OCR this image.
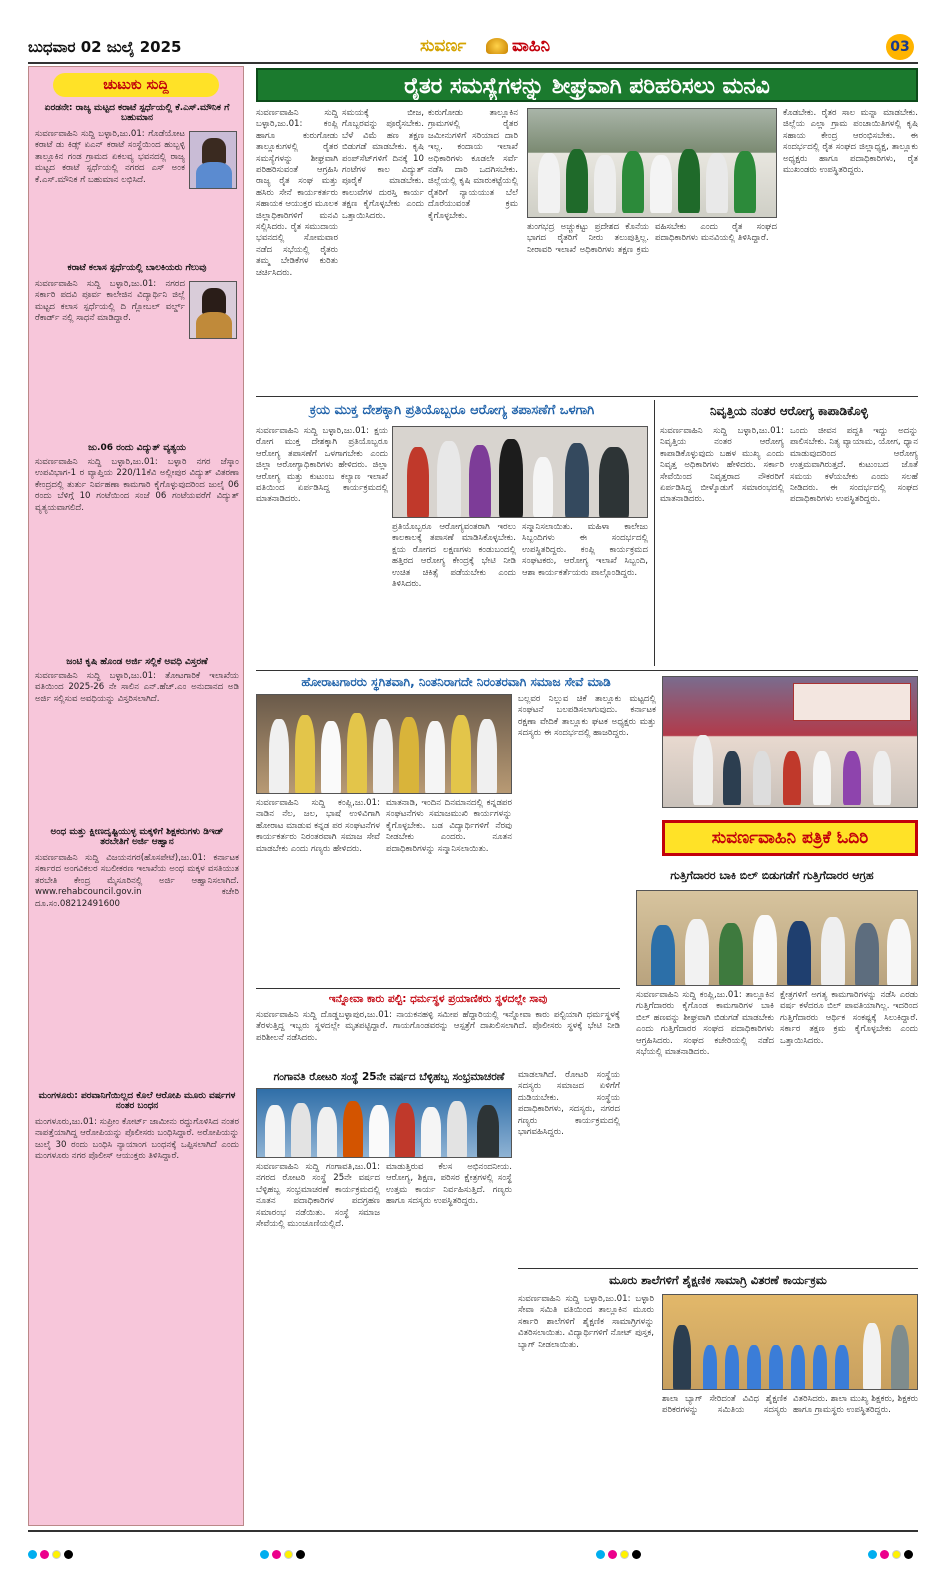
ಬುಧವಾರ 02 ಜುಲೈ 2025	ಸುವರ್ಣ	ವಾಹಿನಿ	03
ಚುಟುಕು ಸುದ್ದಿ
ಏರಡನೇ: ರಾಜ್ಯ ಮಟ್ಟದ ಕರಾಟೆ ಸ್ಪರ್ಧೆಯಲ್ಲಿ ಕೆ.ಎಸ್.ಮೌನಿಕ ಗೆ ಬಹುಮಾನ
ಸುವರ್ಣವಾಹಿನಿ ಸುದ್ದಿ ಬಳ್ಳಾರಿ,ಜು.01: ಗೊಡೆಯೋಟ ಕರಾಟೆ ಡು ಕಿಡ್ಸ್ ಏಎನ್ ಕರಾಟೆ ಸಂಸ್ಥೆಯಿಂದ ಹುಬ್ಬಳ್ಳಿ ತಾಲ್ಲೂಕಿನ ಗಂಡ ಗ್ರಾಮದ ಏಕಲವ್ಯ ಭವನದಲ್ಲಿ ರಾಜ್ಯ ಮಟ್ಟದ ಕರಾಟೆ ಸ್ಪರ್ಧೆಯಲ್ಲಿ ನಗರದ ಎಸ್ ಅಂಕ ಕೆ.ಎಸ್.ಮೌನಿಕ ಗೆ ಬಹುಮಾನ ಲಭಿಸಿದೆ.
ಕರಾಟೆ ಕಲಾಸ ಸ್ಪರ್ಧೆಯಲ್ಲಿ ಬಾಲಕಿಯರು ಗೆಲುವು
ಸುವರ್ಣವಾಹಿನಿ ಸುದ್ದಿ ಬಳ್ಳಾರಿ,ಜು.01: ನಗರದ ಸರ್ಕಾರಿ ಪದವಿ ಪೂರ್ವ ಕಾಲೇಜಿನ ವಿದ್ಯಾರ್ಥಿನಿ ಜಿಲ್ಲೆ ಮಟ್ಟದ ಕಲಾಸ ಸ್ಪರ್ಧೆಯಲ್ಲಿ ದಿ ಗ್ಲೋಬಲ್ ವರ್ಲ್ಡ್ ರೆಕಾರ್ಡ್ ನಲ್ಲಿ ಸಾಧನೆ ಮಾಡಿದ್ದಾರೆ.
ಜು.06 ರಂದು ವಿದ್ಯುತ್ ವ್ಯತ್ಯಯ
ಸುವರ್ಣವಾಹಿನಿ ಸುದ್ದಿ ಬಳ್ಳಾರಿ,ಜು.01: ಬಳ್ಳಾರಿ ನಗರ ಜೆಸ್ಕಾಂ ಉಪವಿಭಾಗ-1 ರ ವ್ಯಾಪ್ತಿಯ 220/11ಕೆವಿ ಅಲ್ಲೀಪುರ ವಿದ್ಯುತ್ ವಿತರಣಾ ಕೇಂದ್ರದಲ್ಲಿ ತುರ್ತು ನಿರ್ವಹಣಾ ಕಾಮಗಾರಿ ಕೈಗೊಳ್ಳುವುದರಿಂದ ಜುಲೈ 06 ರಂದು ಬೆಳಿಗ್ಗೆ 10 ಗಂಟೆಯಿಂದ ಸಂಜೆ 06 ಗಂಟೆಯವರೆಗೆ ವಿದ್ಯುತ್ ವ್ಯತ್ಯಯವಾಗಲಿದೆ.
ಜಂಟಿ ಕೃಷಿ ಹೊಂಡ ಅರ್ಜಿ ಸಲ್ಲಿಕೆ ಅವಧಿ ವಿಸ್ತರಣೆ
ಸುವರ್ಣವಾಹಿನಿ ಸುದ್ದಿ ಬಳ್ಳಾರಿ,ಜು.01: ತೋಟಗಾರಿಕೆ ಇಲಾಖೆಯ ವತಿಯಿಂದ 2025-26 ನೇ ಸಾಲಿನ ಎನ್.ಹೆಚ್.ಎಂ ಅನುದಾನದ ಅಡಿ ಅರ್ಜಿ ಸಲ್ಲಿಸುವ ಅವಧಿಯನ್ನು ವಿಸ್ತರಿಸಲಾಗಿದೆ.
ಅಂಧ ಮತ್ತು ಕ್ಷೀಣದೃಷ್ಟಿಯುಳ್ಳ ಮಕ್ಕಳಿಗೆ ಶಿಕ್ಷಕರುಗಳು ಡಿಇಡ್ ತರಬೇತಿಗೆ ಅರ್ಜಿ ಆಹ್ವಾನ
ಸುವರ್ಣವಾಹಿನಿ ಸುದ್ದಿ ವಿಜಯನಗರ(ಹೊಸಪೇಟೆ),ಜು.01: ಕರ್ನಾಟಕ ಸರ್ಕಾರದ ಅಂಗವಿಕಲರ ಸಬಲೀಕರಣ ಇಲಾಖೆಯ ಅಂಧ ಮಕ್ಕಳ ವಸತಿಯುತ ತರಬೇತಿ ಕೇಂದ್ರ ಮೈಸೂರಿನಲ್ಲಿ ಅರ್ಜಿ ಆಹ್ವಾನಿಸಲಾಗಿದೆ. www.rehabcouncil.gov.in ಕಚೇರಿ ದೂ.ಸಂ.08212491600
ಮಂಗಳೂರು: ಪರವಾನಿಗೆಯಿಲ್ಲದ ಕೊಲೆ ಆರೋಪಿ ಮೂರು ವರ್ಷಗಳ ನಂತರ ಬಂಧನ
ಮಂಗಳೂರು,ಜು.01: ಸುಪ್ರೀಂ ಕೋರ್ಟ್ ಜಾಮೀನು ರದ್ದುಗೊಳಿಸಿದ ನಂತರ ನಾಪತ್ತೆಯಾಗಿದ್ದ ಆರೋಪಿಯನ್ನು ಪೊಲೀಸರು ಬಂಧಿಸಿದ್ದಾರೆ. ಅರೋಪಿಯನ್ನು ಜುಲೈ 30 ರಂದು ಬಂಧಿಸಿ ನ್ಯಾಯಾಂಗ ಬಂಧನಕ್ಕೆ ಒಪ್ಪಿಸಲಾಗಿದೆ ಎಂದು ಮಂಗಳೂರು ನಗರ ಪೊಲೀಸ್ ಆಯುಕ್ತರು ತಿಳಿಸಿದ್ದಾರೆ.
ರೈತರ ಸಮಸ್ಯೆಗಳನ್ನು ಶೀಘ್ರವಾಗಿ ಪರಿಹರಿಸಲು ಮನವಿ
ಸುವರ್ಣವಾಹಿನಿ ಸುದ್ದಿ ಬಳ್ಳಾರಿ,ಜು.01: ಕಂಪ್ಲಿ ಹಾಗೂ ಕುರುಗೋಡು ತಾಲ್ಲೂಕುಗಳಲ್ಲಿ ರೈತರ ಸಮಸ್ಯೆಗಳನ್ನು ಶೀಘ್ರವಾಗಿ ಪರಿಹರಿಸುವಂತೆ ಆಗ್ರಹಿಸಿ ರಾಜ್ಯ ರೈತ ಸಂಘ ಮತ್ತು ಹಸಿರು ಸೇನೆ ಕಾರ್ಯಕರ್ತರು ಸಹಾಯಕ ಆಯುಕ್ತರ ಮೂಲಕ ಜಿಲ್ಲಾಧಿಕಾರಿಗಳಿಗೆ ಮನವಿ ಸಲ್ಲಿಸಿದರು. ರೈತ ಸಮುದಾಯ ಭವನದಲ್ಲಿ ಸೋಮವಾರ ನಡೆದ ಸಭೆಯಲ್ಲಿ ರೈತರು ತಮ್ಮ ಬೇಡಿಕೆಗಳ ಕುರಿತು ಚರ್ಚಿಸಿದರು.
ಸಮಯಕ್ಕೆ ಬೀಜ, ಗೊಬ್ಬರವನ್ನು ಪೂರೈಸಬೇಕು. ಬೆಳೆ ವಿಮೆ ಹಣ ತಕ್ಷಣ ಬಿಡುಗಡೆ ಮಾಡಬೇಕು. ಕೃಷಿ ಪಂಪ್‌ಸೆಟ್‌ಗಳಿಗೆ ದಿನಕ್ಕೆ 10 ಗಂಟೆಗಳ ಕಾಲ ವಿದ್ಯುತ್ ಪೂರೈಕೆ ಮಾಡಬೇಕು. ಕಾಲುವೆಗಳ ದುರಸ್ತಿ ಕಾರ್ಯ ತಕ್ಷಣ ಕೈಗೊಳ್ಳಬೇಕು ಎಂದು ಒತ್ತಾಯಿಸಿದರು.
ಕುರುಗೋಡು ತಾಲ್ಲೂಕಿನ ಗ್ರಾಮಗಳಲ್ಲಿ ರೈತರ ಜಮೀನುಗಳಿಗೆ ಸರಿಯಾದ ದಾರಿ ಇಲ್ಲ. ಕಂದಾಯ ಇಲಾಖೆ ಅಧಿಕಾರಿಗಳು ಕೂಡಲೇ ಸರ್ವೆ ನಡೆಸಿ ದಾರಿ ಒದಗಿಸಬೇಕು. ಜಿಲ್ಲೆಯಲ್ಲಿ ಕೃಷಿ ಮಾರುಕಟ್ಟೆಯಲ್ಲಿ ರೈತರಿಗೆ ನ್ಯಾಯಯುತ ಬೆಲೆ ದೊರೆಯುವಂತೆ ಕ್ರಮ ಕೈಗೊಳ್ಳಬೇಕು.
ತುಂಗಭದ್ರ ಅಚ್ಚುಕಟ್ಟು ಪ್ರದೇಶದ ಕೊನೆಯ ಭಾಗದ ರೈತರಿಗೆ ನೀರು ತಲುಪುತ್ತಿಲ್ಲ. ನೀರಾವರಿ ಇಲಾಖೆ ಅಧಿಕಾರಿಗಳು ತಕ್ಷಣ ಕ್ರಮ ವಹಿಸಬೇಕು ಎಂದು ರೈತ ಸಂಘದ ಪದಾಧಿಕಾರಿಗಳು ಮನವಿಯಲ್ಲಿ ತಿಳಿಸಿದ್ದಾರೆ.
ಕೊಡಬೇಕು. ರೈತರ ಸಾಲ ಮನ್ನಾ ಮಾಡಬೇಕು. ಜಿಲ್ಲೆಯ ಎಲ್ಲಾ ಗ್ರಾಮ ಪಂಚಾಯಿತಿಗಳಲ್ಲಿ ಕೃಷಿ ಸಹಾಯ ಕೇಂದ್ರ ಆರಂಭಿಸಬೇಕು. ಈ ಸಂದರ್ಭದಲ್ಲಿ ರೈತ ಸಂಘದ ಜಿಲ್ಲಾಧ್ಯಕ್ಷ, ತಾಲ್ಲೂಕು ಅಧ್ಯಕ್ಷರು ಹಾಗೂ ಪದಾಧಿಕಾರಿಗಳು, ರೈತ ಮುಖಂಡರು ಉಪಸ್ಥಿತರಿದ್ದರು.
ಕ್ರಯ ಮುಕ್ತ ದೇಶಕ್ಕಾಗಿ ಪ್ರತಿಯೊಬ್ಬರೂ ಆರೋಗ್ಯ ತಪಾಸಣೆಗೆ ಒಳಗಾಗಿ
ಸುವರ್ಣವಾಹಿನಿ ಸುದ್ದಿ ಬಳ್ಳಾರಿ,ಜು.01: ಕ್ಷಯ ರೋಗ ಮುಕ್ತ ದೇಶಕ್ಕಾಗಿ ಪ್ರತಿಯೊಬ್ಬರೂ ಆರೋಗ್ಯ ತಪಾಸಣೆಗೆ ಒಳಗಾಗಬೇಕು ಎಂದು ಜಿಲ್ಲಾ ಆರೋಗ್ಯಾಧಿಕಾರಿಗಳು ಹೇಳಿದರು. ಜಿಲ್ಲಾ ಆರೋಗ್ಯ ಮತ್ತು ಕುಟುಂಬ ಕಲ್ಯಾಣ ಇಲಾಖೆ ವತಿಯಿಂದ ಏರ್ಪಡಿಸಿದ್ದ ಕಾರ್ಯಕ್ರಮದಲ್ಲಿ ಮಾತನಾಡಿದರು.
ಪ್ರತಿಯೊಬ್ಬರೂ ಆರೋಗ್ಯವಂತರಾಗಿ ಇರಲು ಕಾಲಕಾಲಕ್ಕೆ ತಪಾಸಣೆ ಮಾಡಿಸಿಕೊಳ್ಳಬೇಕು. ಕ್ಷಯ ರೋಗದ ಲಕ್ಷಣಗಳು ಕಂಡುಬಂದಲ್ಲಿ ಹತ್ತಿರದ ಆರೋಗ್ಯ ಕೇಂದ್ರಕ್ಕೆ ಭೇಟಿ ನೀಡಿ ಉಚಿತ ಚಿಕಿತ್ಸೆ ಪಡೆಯಬೇಕು ಎಂದು ತಿಳಿಸಿದರು.
ಸನ್ಮಾನಿಸಲಾಯಿತು. ಮಹಿಳಾ ಕಾಲೇಜು ಸಿಬ್ಬಂದಿಗಳು ಈ ಸಂದರ್ಭದಲ್ಲಿ ಉಪಸ್ಥಿತರಿದ್ದರು. ಕಂಪ್ಲಿ ಕಾರ್ಯಕ್ರಮದ ಸಂಘಟಕರು, ಆರೋಗ್ಯ ಇಲಾಖೆ ಸಿಬ್ಬಂದಿ, ಆಶಾ ಕಾರ್ಯಕರ್ತೆಯರು ಪಾಲ್ಗೊಂಡಿದ್ದರು.
ನಿವೃತ್ತಿಯ ನಂತರ ಆರೋಗ್ಯ ಕಾಪಾಡಿಕೊಳ್ಳಿ
ಸುವರ್ಣವಾಹಿನಿ ಸುದ್ದಿ ಬಳ್ಳಾರಿ,ಜು.01: ನಿವೃತ್ತಿಯ ನಂತರ ಆರೋಗ್ಯ ಕಾಪಾಡಿಕೊಳ್ಳುವುದು ಬಹಳ ಮುಖ್ಯ ಎಂದು ನಿವೃತ್ತ ಅಧಿಕಾರಿಗಳು ಹೇಳಿದರು. ಸರ್ಕಾರಿ ಸೇವೆಯಿಂದ ನಿವೃತ್ತರಾದ ನೌಕರರಿಗೆ ಏರ್ಪಡಿಸಿದ್ದ ಬೀಳ್ಕೊಡುಗೆ ಸಮಾರಂಭದಲ್ಲಿ ಮಾತನಾಡಿದರು.
ಒಂದು ಜೀವನ ಪದ್ದತಿ ಇದ್ದು ಅದನ್ನು ಪಾಲಿಸಬೇಕು. ನಿತ್ಯ ವ್ಯಾಯಾಮ, ಯೋಗ, ಧ್ಯಾನ ಮಾಡುವುದರಿಂದ ಆರೋಗ್ಯ ಉತ್ತಮವಾಗಿರುತ್ತದೆ. ಕುಟುಂಬದ ಜೊತೆ ಸಮಯ ಕಳೆಯಬೇಕು ಎಂದು ಸಲಹೆ ನೀಡಿದರು. ಈ ಸಂದರ್ಭದಲ್ಲಿ ಸಂಘದ ಪದಾಧಿಕಾರಿಗಳು ಉಪಸ್ಥಿತರಿದ್ದರು.
ಹೋರಾಟಗಾರರು ಸ್ಥಗಿತವಾಗಿ, ನಿಂತನಿರಾಗದೇ ನಿರಂತರವಾಗಿ ಸಮಾಜ ಸೇವೆ ಮಾಡಿ
ಬಲ್ಲವರ ನಿಲ್ಲುವ ಚಿಕೆ ತಾಲ್ಲೂಕು ಮಟ್ಟದಲ್ಲಿ ಸಂಘಟನೆ ಬಲಪಡಿಸಲಾಗುವುದು. ಕರ್ನಾಟಕ ರಕ್ಷಣಾ ವೇದಿಕೆ ತಾಲ್ಲೂಕು ಘಟಕ ಅಧ್ಯಕ್ಷರು ಮತ್ತು ಸದಸ್ಯರು ಈ ಸಂದರ್ಭದಲ್ಲಿ ಹಾಜರಿದ್ದರು.
ಸುವರ್ಣವಾಹಿನಿ ಸುದ್ದಿ ಕಂಪ್ಲಿ,ಜು.01: ನಾಡಿನ ನೆಲ, ಜಲ, ಭಾಷೆ ಉಳಿವಿಗಾಗಿ ಹೋರಾಟ ಮಾಡುವ ಕನ್ನಡ ಪರ ಸಂಘಟನೆಗಳ ಕಾರ್ಯಕರ್ತರು ನಿರಂತರವಾಗಿ ಸಮಾಜ ಸೇವೆ ಮಾಡಬೇಕು ಎಂದು ಗಣ್ಯರು ಹೇಳಿದರು.
ಮಾತನಾಡಿ, ಇಂದಿನ ದಿನಮಾನದಲ್ಲಿ ಕನ್ನಡಪರ ಸಂಘಟನೆಗಳು ಸಮಾಜಮುಖಿ ಕಾರ್ಯಗಳನ್ನು ಕೈಗೊಳ್ಳಬೇಕು. ಬಡ ವಿದ್ಯಾರ್ಥಿಗಳಿಗೆ ನೆರವು ನೀಡಬೇಕು ಎಂದರು. ನೂತನ ಪದಾಧಿಕಾರಿಗಳನ್ನು ಸನ್ಮಾನಿಸಲಾಯಿತು.
ಸುವರ್ಣವಾಹಿನಿ ಪತ್ರಿಕೆ ಓದಿರಿ
ಗುತ್ತಿಗೆದಾರರ ಬಾಕಿ ಬಿಲ್ ಬಿಡುಗಡೆಗೆ ಗುತ್ತಿಗೆದಾರರ ಆಗ್ರಹ
ಸುವರ್ಣವಾಹಿನಿ ಸುದ್ದಿ ಕಂಪ್ಲಿ,ಜು.01: ತಾಲ್ಲೂಕಿನ ಗುತ್ತಿಗೆದಾರರು ಕೈಗೊಂಡ ಕಾಮಗಾರಿಗಳ ಬಾಕಿ ಬಿಲ್ ಹಣವನ್ನು ಶೀಘ್ರವಾಗಿ ಬಿಡುಗಡೆ ಮಾಡಬೇಕು ಎಂದು ಗುತ್ತಿಗೆದಾರರ ಸಂಘದ ಪದಾಧಿಕಾರಿಗಳು ಆಗ್ರಹಿಸಿದರು. ಸಂಘದ ಕಚೇರಿಯಲ್ಲಿ ನಡೆದ ಸಭೆಯಲ್ಲಿ ಮಾತನಾಡಿದರು.
ಕ್ಷೇತ್ರಗಳಿಗೆ ಅಗತ್ಯ ಕಾಮಗಾರಿಗಳನ್ನು ನಡೆಸಿ ಎರಡು ವರ್ಷ ಕಳೆದರೂ ಬಿಲ್ ಪಾವತಿಯಾಗಿಲ್ಲ. ಇದರಿಂದ ಗುತ್ತಿಗೆದಾರರು ಆರ್ಥಿಕ ಸಂಕಷ್ಟಕ್ಕೆ ಸಿಲುಕಿದ್ದಾರೆ. ಸರ್ಕಾರ ತಕ್ಷಣ ಕ್ರಮ ಕೈಗೊಳ್ಳಬೇಕು ಎಂದು ಒತ್ತಾಯಿಸಿದರು.
ಇನ್ನೋವಾ ಕಾರು ಪಲ್ಟಿ: ಧರ್ಮಸ್ಥಳ ಪ್ರಯಾಣಿಕರು ಸ್ಥಳದಲ್ಲೇ ಸಾವು
ಸುವರ್ಣವಾಹಿನಿ ಸುದ್ದಿ ದೊಡ್ಡಬಳ್ಳಾಪುರ,ಜು.01: ನಾಯಕನಹಳ್ಳಿ ಸಮೀಪ ಹೆದ್ದಾರಿಯಲ್ಲಿ ಇನ್ನೋವಾ ಕಾರು ಪಲ್ಟಿಯಾಗಿ ಧರ್ಮಸ್ಥಳಕ್ಕೆ ತೆರಳುತ್ತಿದ್ದ ಇಬ್ಬರು ಸ್ಥಳದಲ್ಲೇ ಮೃತಪಟ್ಟಿದ್ದಾರೆ. ಗಾಯಗೊಂಡವರನ್ನು ಆಸ್ಪತ್ರೆಗೆ ದಾಖಲಿಸಲಾಗಿದೆ. ಪೊಲೀಸರು ಸ್ಥಳಕ್ಕೆ ಭೇಟಿ ನೀಡಿ ಪರಿಶೀಲನೆ ನಡೆಸಿದರು.
ಗಂಗಾವತಿ ರೋಟರಿ ಸಂಸ್ಥೆ 25ನೇ ವರ್ಷದ ಬೆಳ್ಳಿಹಬ್ಬ ಸಂಭ್ರಮಾಚರಣೆ
ಸುವರ್ಣವಾಹಿನಿ ಸುದ್ದಿ ಗಂಗಾವತಿ,ಜು.01: ನಗರದ ರೋಟರಿ ಸಂಸ್ಥೆ 25ನೇ ವರ್ಷದ ಬೆಳ್ಳಿಹಬ್ಬ ಸಂಭ್ರಮಾಚರಣೆ ಕಾರ್ಯಕ್ರಮದಲ್ಲಿ ನೂತನ ಪದಾಧಿಕಾರಿಗಳ ಪದಗ್ರಹಣ ಸಮಾರಂಭ ನಡೆಯಿತು. ಸಂಸ್ಥೆ ಸಮಾಜ ಸೇವೆಯಲ್ಲಿ ಮುಂಚೂಣಿಯಲ್ಲಿದೆ.
ಮಾಡುತ್ತಿರುವ ಕೆಲಸ ಅಭಿನಂದನೀಯ. ಆರೋಗ್ಯ, ಶಿಕ್ಷಣ, ಪರಿಸರ ಕ್ಷೇತ್ರಗಳಲ್ಲಿ ಸಂಸ್ಥೆ ಉತ್ತಮ ಕಾರ್ಯ ನಿರ್ವಹಿಸುತ್ತಿದೆ. ಗಣ್ಯರು ಹಾಗೂ ಸದಸ್ಯರು ಉಪಸ್ಥಿತರಿದ್ದರು.
ಮಾಡಲಾಗಿದೆ. ರೋಟರಿ ಸಂಸ್ಥೆಯ ಸದಸ್ಯರು ಸಮಾಜದ ಏಳಿಗೆಗೆ ದುಡಿಯಬೇಕು. ಸಂಸ್ಥೆಯ ಪದಾಧಿಕಾರಿಗಳು, ಸದಸ್ಯರು, ನಗರದ ಗಣ್ಯರು ಕಾರ್ಯಕ್ರಮದಲ್ಲಿ ಭಾಗವಹಿಸಿದ್ದರು.
ಮೂರು ಶಾಲೆಗಳಿಗೆ ಶೈಕ್ಷಣಿಕ ಸಾಮಾಗ್ರಿ ವಿತರಣೆ ಕಾರ್ಯಕ್ರಮ
ಸುವರ್ಣವಾಹಿನಿ ಸುದ್ದಿ ಬಳ್ಳಾರಿ,ಜು.01: ಬಳ್ಳಾರಿ ಸೇವಾ ಸಮಿತಿ ವತಿಯಿಂದ ತಾಲ್ಲೂಕಿನ ಮೂರು ಸರ್ಕಾರಿ ಶಾಲೆಗಳಿಗೆ ಶೈಕ್ಷಣಿಕ ಸಾಮಾಗ್ರಿಗಳನ್ನು ವಿತರಿಸಲಾಯಿತು. ವಿದ್ಯಾರ್ಥಿಗಳಿಗೆ ನೋಟ್ ಪುಸ್ತಕ, ಬ್ಯಾಗ್ ನೀಡಲಾಯಿತು.
ಶಾಲಾ ಬ್ಯಾಗ್ ಸೇರಿದಂತೆ ವಿವಿಧ ಶೈಕ್ಷಣಿಕ ಪರಿಕರಗಳನ್ನು ಸಮಿತಿಯ ಸದಸ್ಯರು ವಿತರಿಸಿದರು. ಶಾಲಾ ಮುಖ್ಯ ಶಿಕ್ಷಕರು, ಶಿಕ್ಷಕರು ಹಾಗೂ ಗ್ರಾಮಸ್ಥರು ಉಪಸ್ಥಿತರಿದ್ದರು.
